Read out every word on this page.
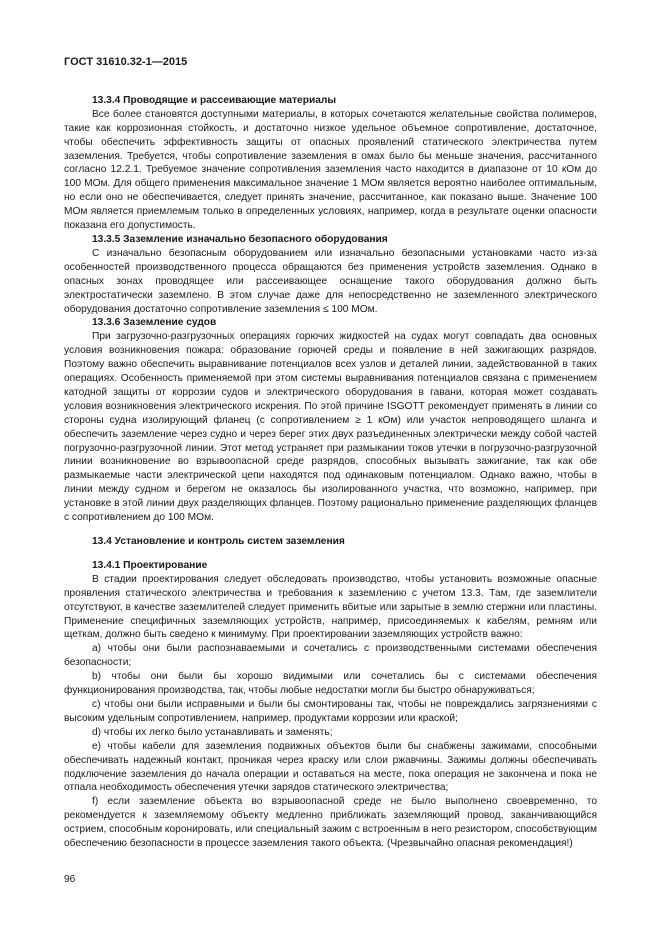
ГОСТ 31610.32-1—2015
13.3.4 Проводящие и рассеивающие материалы

Все более становятся доступными материалы, в которых сочетаются желательные свойства полимеров, такие как коррозионная стойкость, и достаточно низкое удельное объемное сопротивление, достаточное, чтобы обеспечить эффективность защиты от опасных проявлений статического электричества путем заземления. Требуется, чтобы сопротивление заземления в омах было бы меньше значения, рассчитанного согласно 12.2.1. Требуемое значение сопротивления заземления часто находится в диапазоне от 10 кОм до 100 МОм. Для общего применения максимальное значение 1 МОм является вероятно наиболее оптимальным, но если оно не обеспечивается, следует принять значение, рассчитанное, как показано выше. Значение 100 МОм является приемлемым только в определенных условиях, например, когда в результате оценки опасности показана его допустимость.

13.3.5 Заземление изначально безопасного оборудования

С изначально безопасным оборудованием или изначально безопасными установками часто из-за особенностей производственного процесса обращаются без применения устройств заземления. Однако в опасных зонах проводящее или рассеивающее оснащение такого оборудования должно быть электростатически заземлено. В этом случае даже для непосредственно не заземленного электрического оборудования достаточно сопротивление заземления ≤ 100 МОм.

13.3.6 Заземление судов

При загрузочно-разгрузочных операциях горючих жидкостей на судах могут совпадать два основных условия возникновения пожара: образование горючей среды и появление в ней зажигающих разрядов. Поэтому важно обеспечить выравнивание потенциалов всех узлов и деталей линии, задействованной в таких операциях. Особенность применяемой при этом системы выравнивания потенциалов связана с применением катодной защиты от коррозии судов и электрического оборудования в гавани, которая может создавать условия возникновения электрического искрения. По этой причине ISGOTT рекомендует применять в линии со стороны судна изолирующий фланец (с сопротивлением ≥ 1 кОм) или участок непроводящего шланга и обеспечить заземление через судно и через берег этих двух разъединенных электрически между собой частей погрузочно-разгрузочной линии. Этот метод устраняет при размыкании токов утечки в погрузочно-разгрузочной линии возникновение во взрывоопасной среде разрядов, способных вызывать зажигание, так как обе размыкаемые части электрической цепи находятся под одинаковым потенциалом. Однако важно, чтобы в линии между судном и берегом не оказалось бы изолированного участка, что возможно, например, при установке в этой линии двух разделяющих фланцев. Поэтому рационально применение разделяющих фланцев с сопротивлением до 100 МОм.

13.4 Установление и контроль систем заземления
13.4.1 Проектирование

В стадии проектирования следует обследовать производство, чтобы установить возможные опасные проявления статического электричества и требования к заземлению с учетом 13.3. Там, где заземлители отсутствуют, в качестве заземлителей следует применить вбитые или зарытые в землю стержни или пластины. Применение специфичных заземляющих устройств, например, присоединяемых к кабелям, ремням или щеткам, должно быть сведено к минимуму. При проектировании заземляющих устройств важно:

а) чтобы они были распознаваемыми и сочетались с производственными системами обеспечения безопасности;

b) чтобы они были бы хорошо видимыми или сочетались бы с системами обеспечения функционирования производства, так, чтобы любые недостатки могли бы быстро обнаруживаться;

c) чтобы они были исправными и были бы смонтированы так, чтобы не повреждались загрязнениями с высоким удельным сопротивлением, например, продуктами коррозии или краской;

d) чтобы их легко было устанавливать и заменять;

e) чтобы кабели для заземления подвижных объектов были бы снабжены зажимами, способными обеспечивать надежный контакт, проникая через краску или слои ржавчины. Зажимы должны обеспечивать подключение заземления до начала операции и оставаться на месте, пока операция не закончена и пока не отпала необходимость обеспечения утечки зарядов статического электричества;

f) если заземление объекта во взрывоопасной среде не было выполнено своевременно, то рекомендуется к заземляемому объекту медленно приближать заземляющий провод, заканчивающийся острием, способным коронировать, или специальный зажим с встроенным в него резистором, способствующим обеспечению безопасности в процессе заземления такого объекта. (Чрезвычайно опасная рекомендация!)

96
